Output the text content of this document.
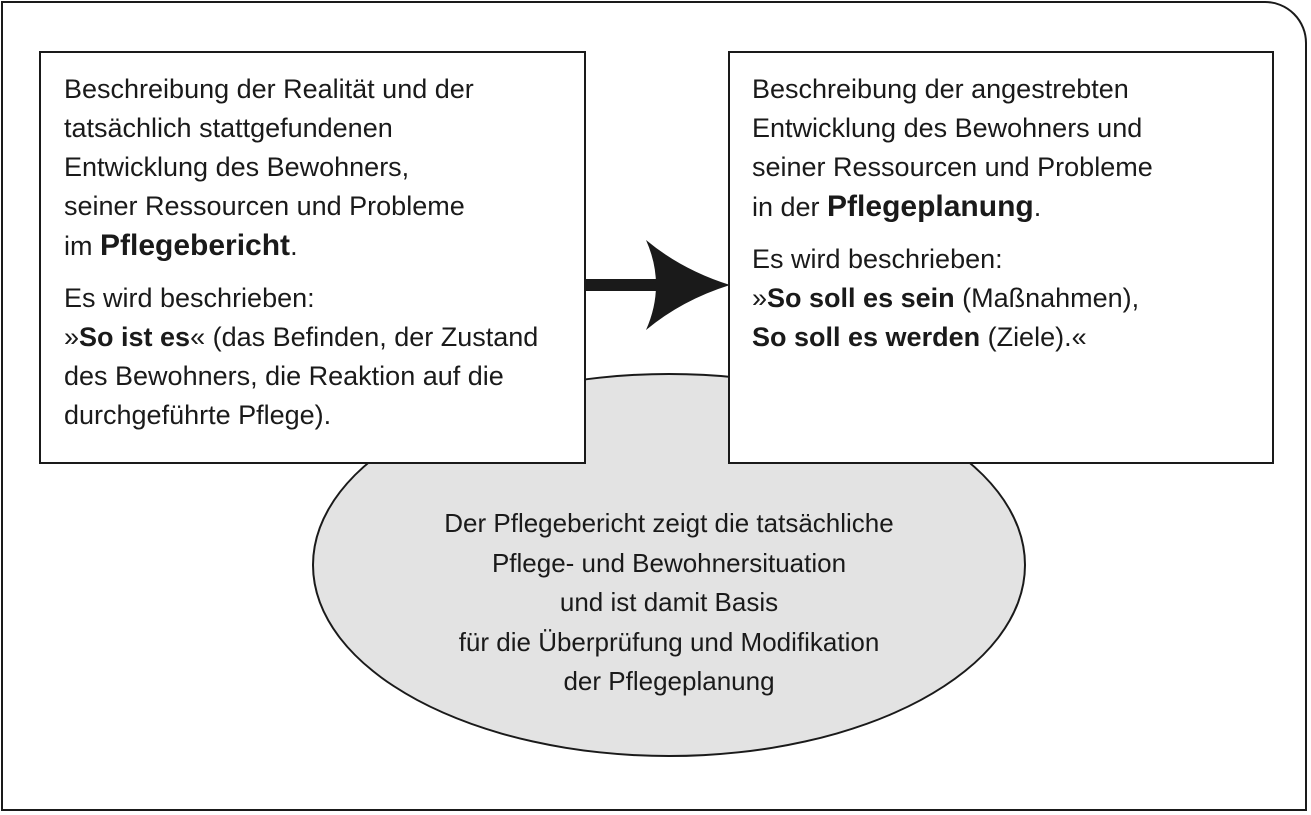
Der Pflegebericht zeigt die tatsächliche
Pflege- und Bewohnersituation
und ist damit Basis
für die Überprüfung und Modifikation
der Pflegeplanung
Beschreibung der Realität und der
tatsächlich stattgefundenen
Entwicklung des Bewohners,
seiner Ressourcen und Probleme
im Pflegebericht.
Es wird beschrieben:
»So ist es« (das Befinden, der Zustand
des Bewohners, die Reaktion auf die
durchgeführte Pflege).
Beschreibung der angestrebten
Entwicklung des Bewohners und
seiner Ressourcen und Probleme
in der Pflegeplanung.
Es wird beschrieben:
»So soll es sein (Maßnahmen),
So soll es werden (Ziele).«
